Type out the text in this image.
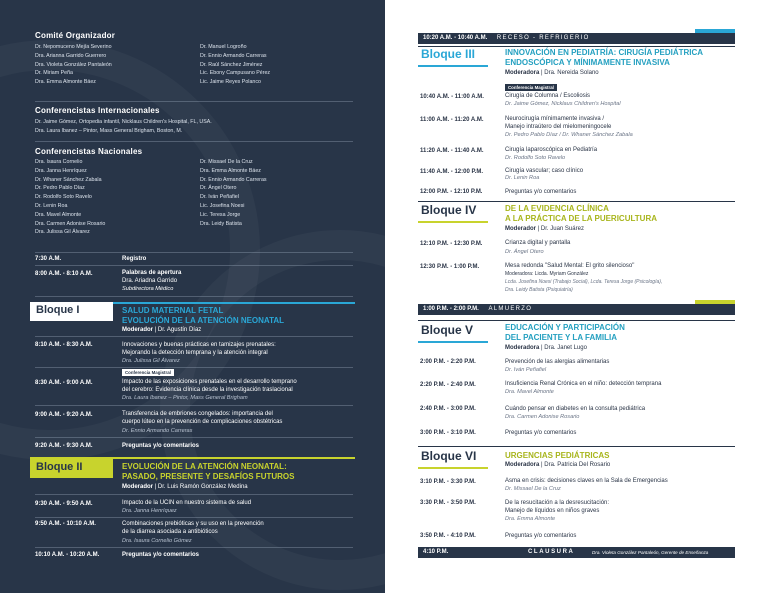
Comité Organizador
Dr. Nepomuceno Mejía Severino
Dra. Arianna Garrido Guerrero
Dra. Violeta González Pantaleón
Dr. Miriam Peña
Dra. Emma Almonte Báez
Dr. Manuel Logroño
Dr. Ennio Armando Carreras
Dr. Raúl Sánchez Jiménez
Lic. Ebony Campusano Pérez
Lic. Jaime Reyes Polanco
Conferencistas Internacionales
Dr. Jaime Gómez, Ortopedia infantil, Nicklaus Children's Hospital, FL, USA.
Dra. Laura Ibanez – Pintor, Mass General Brigham, Boston, M.
Conferencistas Nacionales
Dra. Isaura Cornelio
Dra. Janna Henríquez
Dr. Whaner Sánchez Zabala
Dr. Pedro Pablo Díaz
Dr. Rodolfo Soto Ravelo
Dr. Lenin Roa
Dra. Mavel Almonte
Dra. Carmen Adonise Rosario
Dra. Julissa Gil Álvarez
Dr. Missael De la Cruz
Dra. Emma Almonte Báez
Dr. Ennio Armando Carreras
Dr. Ángel Otero
Dr. Iván Peñafiel
Lic. Josefina Noesi
Lic. Teresa Jorge
Dra. Leidy Batista
7:30 A.M.	Registro
8:00 A.M. - 8:10 A.M.	Palabras de apertura
Dra. Ariadna Garrido
Subdirectora Médico
Bloque I	SALUD MATERNAL FETAL
EVOLUCIÓN DE LA ATENCIÓN NEONATAL
Moderador | Dr. Agustín Díaz
8:10 A.M. - 8:30 A.M.	Innovaciones y buenas prácticas en tamizajes prenatales:
Mejorando la detección temprana y la atención integral
Dra. Julissa Gil Álvarez
Conferencia Magistral
8:30 A.M. - 9:00 A.M.	Impacto de las exposiciones prenatales en el desarrollo temprano
del cerebro: Evidencia clínica desde la investigación traslacional
Dra. Laura Ibanez – Pintor, Mass General Brigham
9:00 A.M. - 9:20 A.M.	Transferencia de embriones congelados: importancia del
cuerpo lúteo en la prevención de complicaciones obstétricas
Dr. Ennio Armando Carreras
9:20 A.M. - 9:30 A.M.	Preguntas y/o comentarios
Bloque II	EVOLUCIÓN DE LA ATENCIÓN NEONATAL:
PASADO, PRESENTE Y DESAFÍOS FUTUROS
Moderador | Dr. Luis Ramón González Medina
9:30 A.M. - 9:50 A.M.	Impacto de la UCIN en nuestro sistema de salud
Dra. Janna Henríquez
9:50 A.M. - 10:10 A.M.	Combinaciones prebióticas y su uso en la prevención
de la diarrea asociada a antibióticos
Dra. Isaura Cornelio Gómez
10:10 A.M. - 10:20 A.M.	Preguntas y/o comentarios
10:20 A.M. - 10:40 A.M. RECESO - REFRIGERIO
Bloque III	INNOVACIÓN EN PEDIATRÍA: CIRUGÍA PEDIÁTRICA
ENDOSCÓPICA Y MÍNIMAMENTE INVASIVA
Moderadora | Dra. Nereida Solano
Conferencia Magistral
10:40 A.M. - 11:00 A.M.	Cirugía de Columna / Escoliosis
Dr. Jaime Gómez, Nicklaus Children's Hospital
11:00 A.M. - 11:20 A.M.	Neurocirugía mínimamente invasiva /
Manejo intraútero del mielomeningocele
Dr. Pedro Pablo Díaz / Dr. Whaner Sánchez Zabala
11:20 A.M. - 11:40 A.M.	Cirugía laparoscópica en Pediatría
Dr. Rodolfo Soto Ravelo
11:40 A.M. - 12:00 P.M.	Cirugía vascular; caso clínico
Dr. Lenin Roa
12:00 P.M. - 12:10 P.M.	Preguntas y/o comentarios
Bloque IV	DE LA EVIDENCIA CLÍNICA
A LA PRÁCTICA DE LA PUERICULTURA
Moderador | Dr. Juan Suárez
12:10 P.M. - 12:30 P.M.	Crianza digital y pantalla
Dr. Ángel Otero
12:30 P.M. - 1:00 P.M.	Mesa redonda "Salud Mental: El grito silencioso"
Moderadora: Licda. Myriam González
Lcda. Josefina Noesi (Trabajo Social), Lcda. Teresa Jorge (Psicología),
Dra. Leidy Batista (Psiquiatría)
1:00 P.M. - 2:00 P.M. ALMUERZO
Bloque V	EDUCACIÓN Y PARTICIPACIÓN
DEL PACIENTE Y LA FAMILIA
Moderadora | Dra. Janet Lugo
2:00 P.M. - 2:20 P.M.	Prevención de las alergias alimentarias
Dr. Iván Peñafiel
2:20 P.M. - 2:40 P.M.	Insuficiencia Renal Crónica en el niño: detección temprana
Dra. Mavel Almonte
2:40 P.M. - 3:00 P.M.	Cuándo pensar en diabetes en la consulta pediátrica
Dra. Carmen Adonise Rosario
3:00 P.M. - 3:10 P.M.	Preguntas y/o comentarios
Bloque VI	URGENCIAS PEDIÁTRICAS
Moderadora | Dra. Patricia Del Rosario
3:10 P.M. - 3:30 P.M.	Asma en crisis: decisiones claves en la Sala de Emergencias
Dr. Missael De la Cruz
3:30 P.M. - 3:50 P.M.	De la resucitación a la desresucitación:
Manejo de líquidos en niños graves
Dra. Emma Almonte
3:50 P.M. - 4:10 P.M.	Preguntas y/o comentarios
4:10 P.M.	CLAUSURA	Dra. Violeta González Pantaleón, Gerente de Enseñanza
